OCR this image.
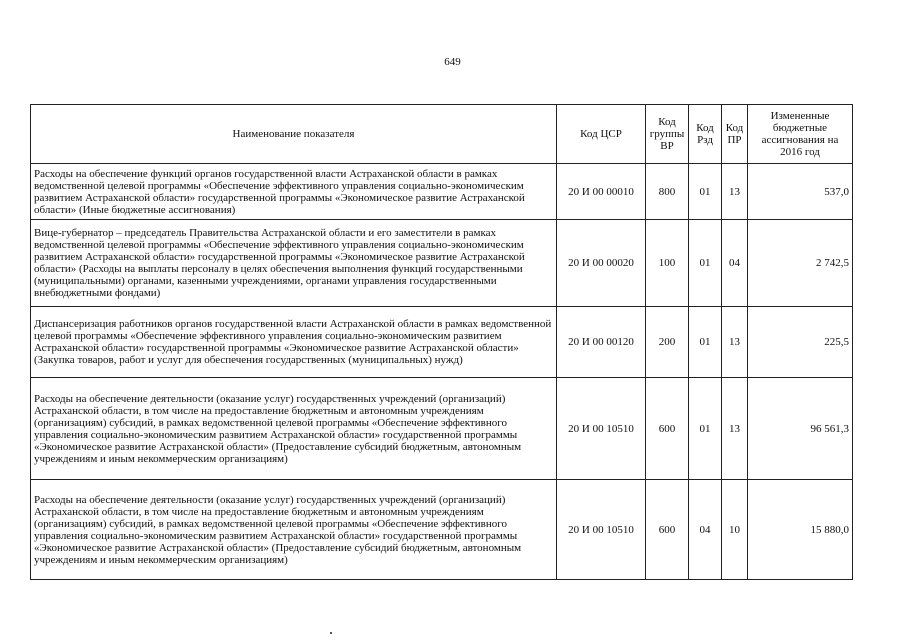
649
Наименование показателя	Код ЦСР	Код группы ВР	Код Рзд	Код ПР	Измененные бюджетные ассигнования на 2016 год
Расходы на обеспечение функций органов государственной власти Астраханской области в рамках ведомственной целевой программы «Обеспечение эффективного управления социально-экономическим развитием Астраханской области» государственной программы «Экономическое развитие Астраханской области» (Иные бюджетные ассигнования)	20 И 00 00010	800	01	13	537,0
Вице-губернатор – председатель Правительства Астраханской области и его заместители в рамках ведомственной целевой программы «Обеспечение эффективного управления социально-экономическим развитием Астраханской области» государственной программы «Экономическое развитие Астраханской области» (Расходы на выплаты персоналу в целях обеспечения выполнения функций государственными (муниципальными) органами, казенными учреждениями, органами управления государственными внебюджетными фондами)	20 И 00 00020	100	01	04	2 742,5
Диспансеризация работников органов государственной власти Астраханской области в рамках ведомственной целевой программы «Обеспечение эффективного управления социально-экономическим развитием Астраханской области» государственной программы «Экономическое развитие Астраханской области» (Закупка товаров, работ и услуг для обеспечения государственных (муниципальных) нужд)	20 И 00 00120	200	01	13	225,5
Расходы на обеспечение деятельности (оказание услуг) государственных учреждений (организаций) Астраханской области, в том числе на предоставление бюджетным и автономным учреждениям (организациям) субсидий, в рамках ведомственной целевой программы «Обеспечение эффективного управления социально-экономическим развитием Астраханской области» государственной программы «Экономическое развитие Астраханской области» (Предоставление субсидий бюджетным, автономным учреждениям и иным некоммерческим организациям)	20 И 00 10510	600	01	13	96 561,3
Расходы на обеспечение деятельности (оказание услуг) государственных учреждений (организаций) Астраханской области, в том числе на предоставление бюджетным и автономным учреждениям (организациям) субсидий, в рамках ведомственной целевой программы «Обеспечение эффективного управления социально-экономическим развитием Астраханской области» государственной программы «Экономическое развитие Астраханской области» (Предоставление субсидий бюджетным, автономным учреждениям и иным некоммерческим организациям)	20 И 00 10510	600	04	10	15 880,0
